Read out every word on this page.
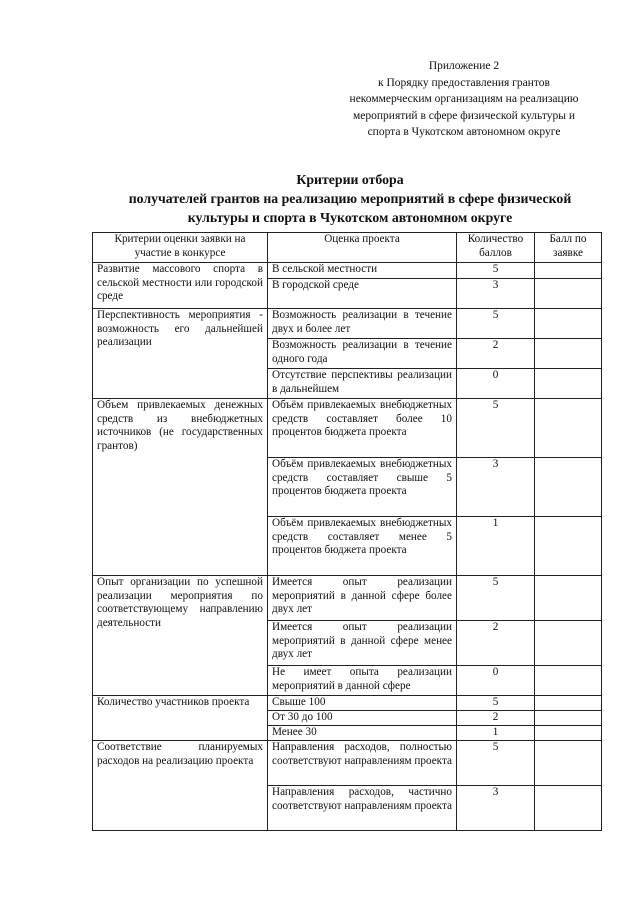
Приложение 2
к Порядку предоставления грантов
некоммерческим организациям на реализацию
мероприятий в сфере физической культуры и
спорта в Чукотском автономном округе
Критерии отбора
получателей грантов на реализацию мероприятий в сфере физической
культуры и спорта в Чукотском автономном округе
Критерии оценки заявки на участие в конкурсе	Оценка проекта	Количество баллов	Балл по заявке
Развитие массового спорта в сельской местности или городской среде	В сельской местности	5	
	В городской среде	3	
Перспективность мероприятия - возможность его дальнейшей реализации	Возможность реализации в течение двух и более лет	5	
	Возможность реализации в течение одного года	2	
	Отсутствие перспективы реализации в дальнейшем	0	
Объем привлекаемых денежных средств из внебюджетных источников (не государственных грантов)	Объём привлекаемых внебюджетных средств составляет более 10 процентов бюджета проекта	5	
	Объём привлекаемых внебюджетных средств составляет свыше 5 процентов бюджета проекта	3	
	Объём привлекаемых внебюджетных средств составляет менее 5 процентов бюджета проекта	1	
Опыт организации по успешной реализации мероприятия по соответствующему направлению деятельности	Имеется опыт реализации мероприятий в данной сфере более двух лет	5	
	Имеется опыт реализации мероприятий в данной сфере менее двух лет	2	
	Не имеет опыта реализации мероприятий в данной сфере	0	
Количество участников проекта	Свыше 100	5	
	От 30 до 100	2	
	Менее 30	1	
Соответствие планируемых расходов на реализацию проекта	Направления расходов, полностью соответствуют направлениям проекта	5	
	Направления расходов, частично соответствуют направлениям проекта	3	
